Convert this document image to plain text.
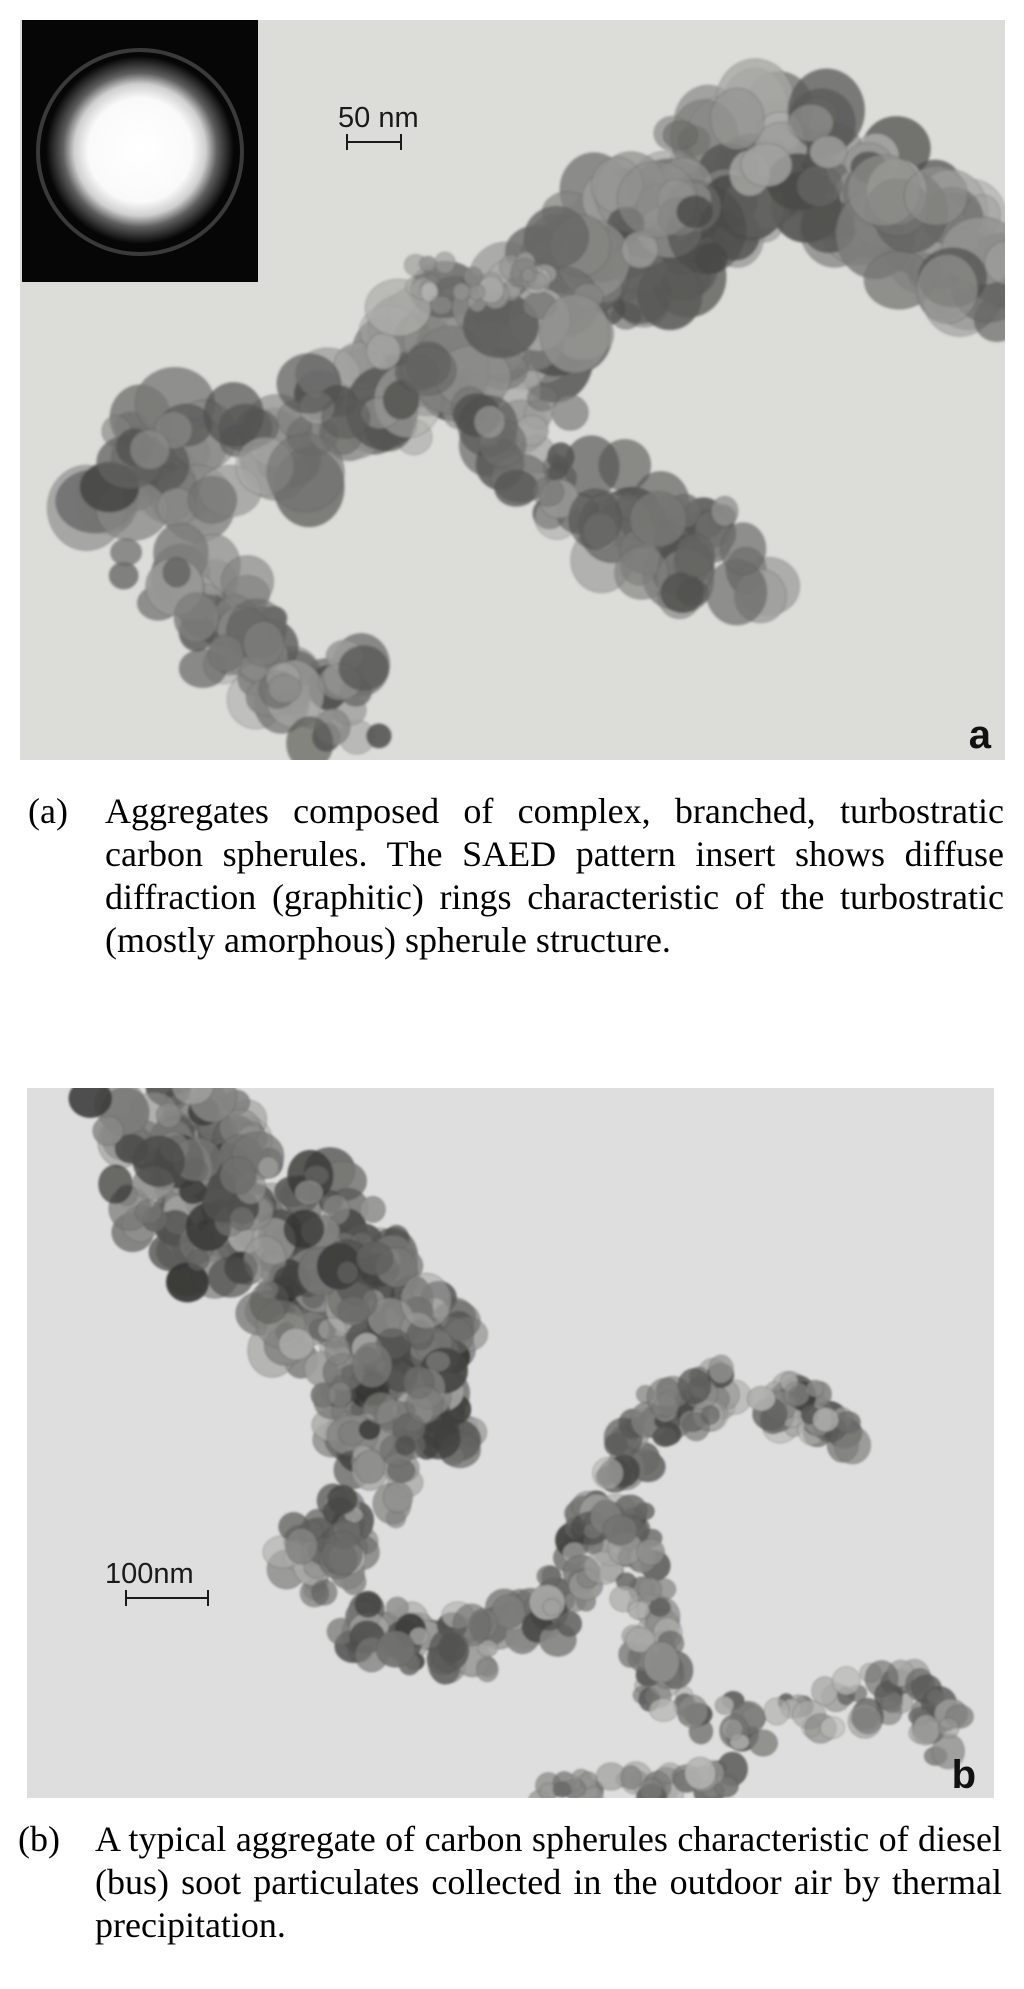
50 nm
a
(a)	Aggregates composed of complex, branched, turbostratic carbon spherules. The SAED pattern insert shows diffuse diffraction (graphitic) rings characteristic of the turbostratic (mostly amorphous) spherule structure.
100nm
b
(b) A typical aggregate of carbon spherules characteristic of diesel (bus) soot particulates collected in the outdoor air by thermal precipitation.
